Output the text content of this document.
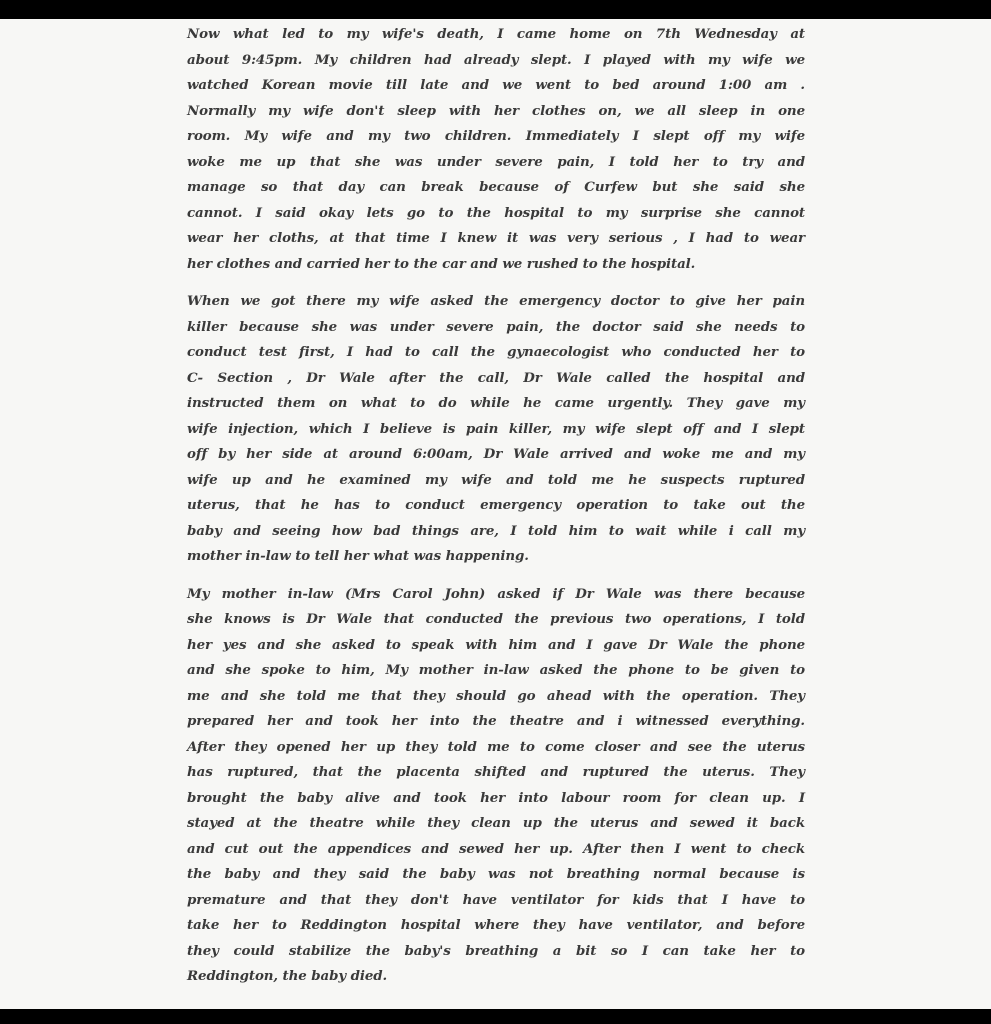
Now what led to my wife's death, I came home on 7th Wednesday at
about 9:45pm. My children had already slept. I played with my wife we
watched Korean movie till late and we went to bed around 1:00 am .
Normally my wife don't sleep with her clothes on, we all sleep in one
room. My wife and my two children. Immediately I slept off my wife
woke me up that she was under severe pain, I told her to try and
manage so that day can break because of Curfew but she said she
cannot. I said okay lets go to the hospital to my surprise she cannot
wear her cloths, at that time I knew it was very serious , I had to wear
her clothes and carried her to the car and we rushed to the hospital.
When we got there my wife asked the emergency doctor to give her pain
killer because she was under severe pain, the doctor said she needs to
conduct test first, I had to call the gynaecologist who conducted her to
C- Section , Dr Wale after the call, Dr Wale called the hospital and
instructed them on what to do while he came urgently. They gave my
wife injection, which I believe is pain killer, my wife slept off and I slept
off by her side at around 6:00am, Dr Wale arrived and woke me and my
wife up and he examined my wife and told me he suspects ruptured
uterus, that he has to conduct emergency operation to take out the
baby and seeing how bad things are, I told him to wait while i call my
mother in-law to tell her what was happening.
My mother in-law (Mrs Carol John) asked if Dr Wale was there because
she knows is Dr Wale that conducted the previous two operations, I told
her yes and she asked to speak with him and I gave Dr Wale the phone
and she spoke to him, My mother in-law asked the phone to be given to
me and she told me that they should go ahead with the operation. They
prepared her and took her into the theatre and i witnessed everything.
After they opened her up they told me to come closer and see the uterus
has ruptured, that the placenta shifted and ruptured the uterus. They
brought the baby alive and took her into labour room for clean up. I
stayed at the theatre while they clean up the uterus and sewed it back
and cut out the appendices and sewed her up. After then I went to check
the baby and they said the baby was not breathing normal because is
premature and that they don't have ventilator for kids that I have to
take her to Reddington hospital where they have ventilator, and before
they could stabilize the baby's breathing a bit so I can take her to
Reddington, the baby died.
